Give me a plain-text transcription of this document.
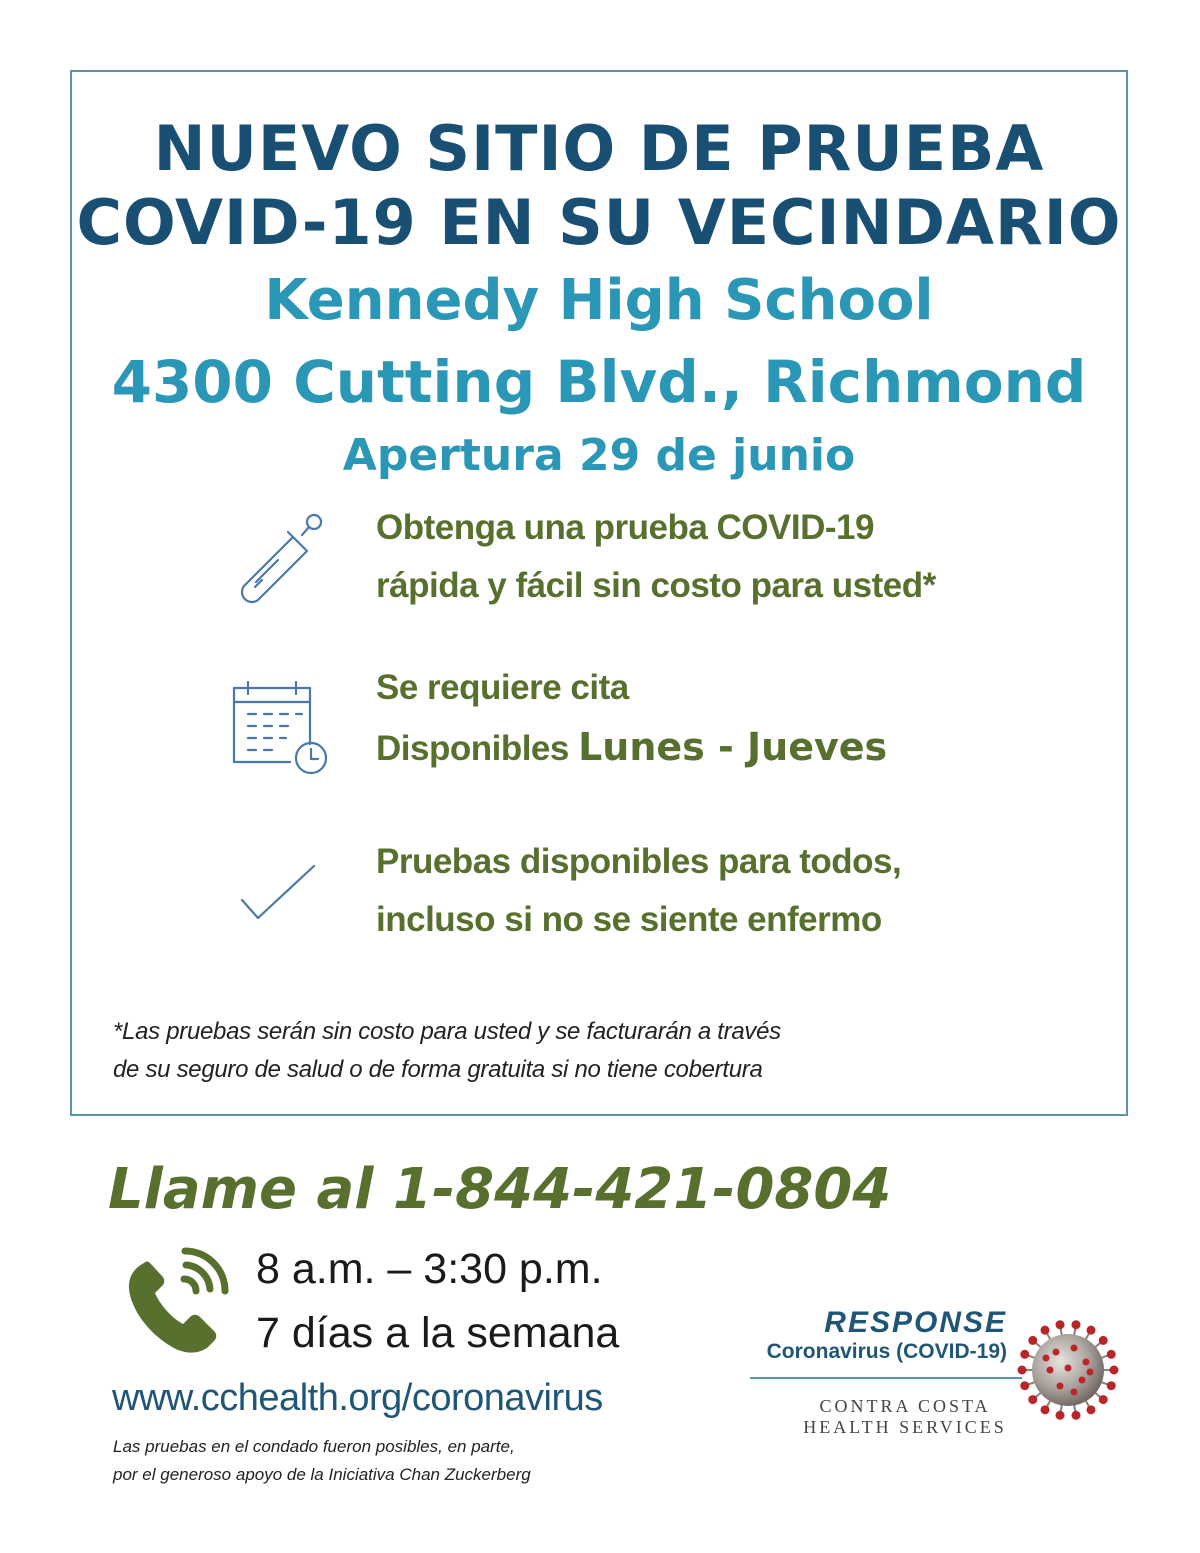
NUEVO SITIO DE PRUEBA
COVID-19 EN SU VECINDARIO
Kennedy High School
4300 Cutting Blvd., Richmond
Apertura 29 de junio
Obtenga una prueba COVID-19
rápida y fácil sin costo para usted*
Se requiere cita
Disponibles Lunes - Jueves
Pruebas disponibles para todos,
incluso si no se siente enfermo
*Las pruebas serán sin costo para usted y se facturarán a través
de su seguro de salud o de forma gratuita si no tiene cobertura
Llame al 1-844-421-0804
8 a.m. – 3:30 p.m.
7 días a la semana
www.cchealth.org/coronavirus
Las pruebas en el condado fueron posibles, en parte,
por el generoso apoyo de la Iniciativa Chan Zuckerberg
RESPONSE
Coronavirus (COVID-19)
CONTRA COSTA
HEALTH SERVICES
